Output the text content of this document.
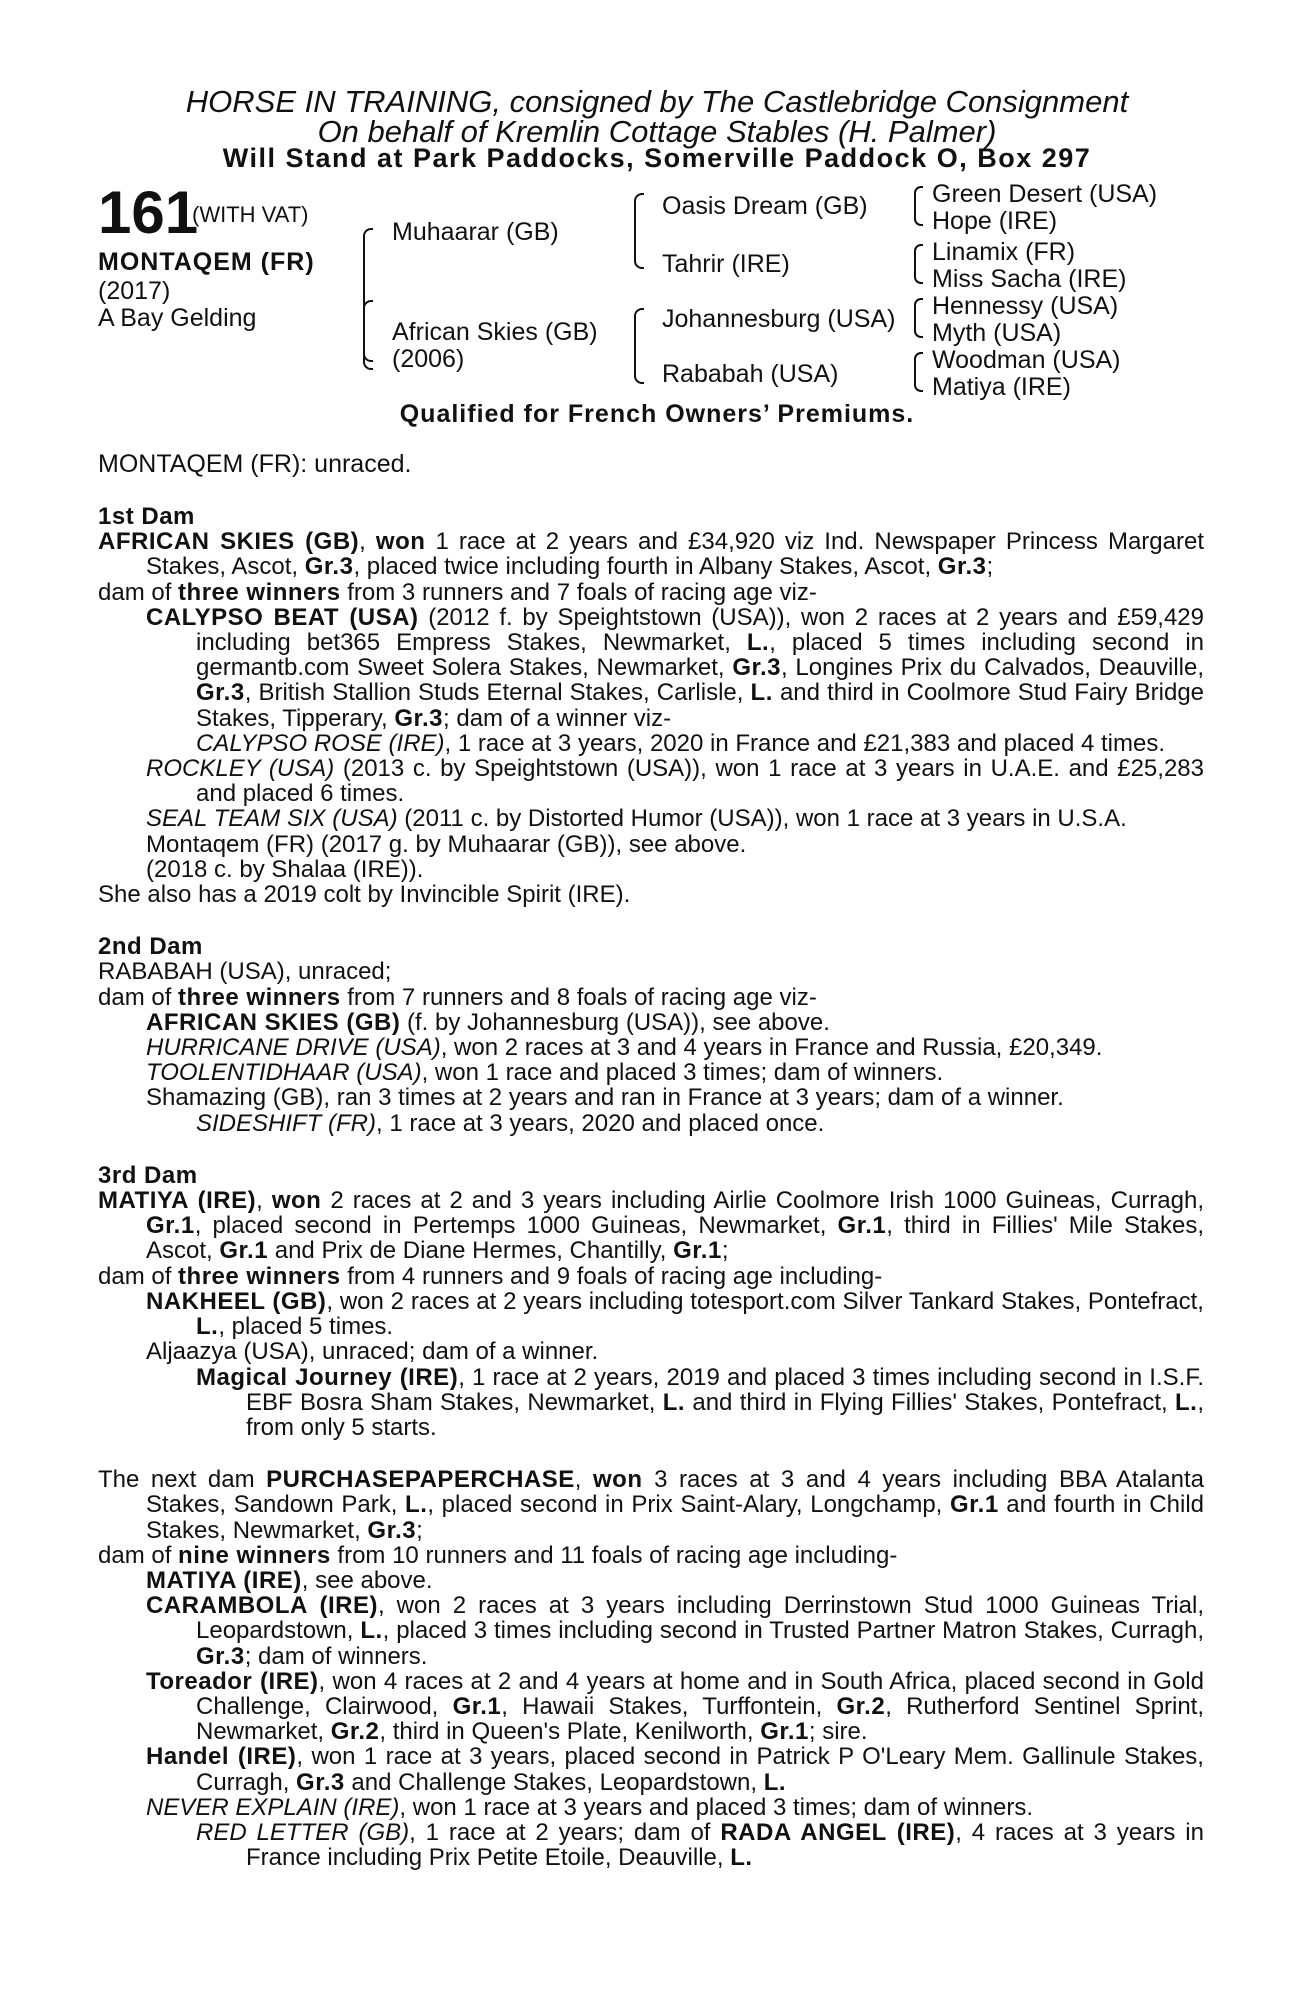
HORSE IN TRAINING, consigned by The Castlebridge Consignment
On behalf of Kremlin Cottage Stables (H. Palmer)
Will Stand at Park Paddocks, Somerville Paddock O, Box 297
161
(WITH VAT)
MONTAQEM (FR)
(2017)
A Bay Gelding
Muhaarar (GB)
African Skies (GB)
(2006)
Oasis Dream (GB)
Tahrir (IRE)
Johannesburg (USA)
Rababah (USA)
Green Desert (USA)
Hope (IRE)
Linamix (FR)
Miss Sacha (IRE)
Hennessy (USA)
Myth (USA)
Woodman (USA)
Matiya (IRE)
Qualified for French Owners’ Premiums.
MONTAQEM (FR): unraced.

1st Dam

AFRICAN SKIES (GB), won 1 race at 2 years and £34,920 viz Ind. Newspaper Princess Margaret Stakes, Ascot, Gr.3, placed twice including fourth in Albany Stakes, Ascot, Gr.3;

dam of three winners from 3 runners and 7 foals of racing age viz-

CALYPSO BEAT (USA) (2012 f. by Speightstown (USA)), won 2 races at 2 years and £59,429 including bet365 Empress Stakes, Newmarket, L., placed 5 times including second in germantb.com Sweet Solera Stakes, Newmarket, Gr.3, Longines Prix du Calvados, Deauville, Gr.3, British Stallion Studs Eternal Stakes, Carlisle, L. and third in Coolmore Stud Fairy Bridge Stakes, Tipperary, Gr.3; dam of a winner viz-

CALYPSO ROSE (IRE), 1 race at 3 years, 2020 in France and £21,383 and placed 4 times.

ROCKLEY (USA) (2013 c. by Speightstown (USA)), won 1 race at 3 years in U.A.E. and £25,283 and placed 6 times.

SEAL TEAM SIX (USA) (2011 c. by Distorted Humor (USA)), won 1 race at 3 years in U.S.A.

Montaqem (FR) (2017 g. by Muhaarar (GB)), see above.

(2018 c. by Shalaa (IRE)).

She also has a 2019 colt by Invincible Spirit (IRE).

2nd Dam

RABABAH (USA), unraced;

dam of three winners from 7 runners and 8 foals of racing age viz-

AFRICAN SKIES (GB) (f. by Johannesburg (USA)), see above.

HURRICANE DRIVE (USA), won 2 races at 3 and 4 years in France and Russia, £20,349.

TOOLENTIDHAAR (USA), won 1 race and placed 3 times; dam of winners.

Shamazing (GB), ran 3 times at 2 years and ran in France at 3 years; dam of a winner.

SIDESHIFT (FR), 1 race at 3 years, 2020 and placed once.

3rd Dam

MATIYA (IRE), won 2 races at 2 and 3 years including Airlie Coolmore Irish 1000 Guineas, Curragh, Gr.1, placed second in Pertemps 1000 Guineas, Newmarket, Gr.1, third in Fillies' Mile Stakes, Ascot, Gr.1 and Prix de Diane Hermes, Chantilly, Gr.1;

dam of three winners from 4 runners and 9 foals of racing age including-

NAKHEEL (GB), won 2 races at 2 years including totesport.com Silver Tankard Stakes, Pontefract, L., placed 5 times.

Aljaazya (USA), unraced; dam of a winner.

Magical Journey (IRE), 1 race at 2 years, 2019 and placed 3 times including second in I.S.F. EBF Bosra Sham Stakes, Newmarket, L. and third in Flying Fillies' Stakes, Pontefract, L., from only 5 starts.

The next dam PURCHASEPAPERCHASE, won 3 races at 3 and 4 years including BBA Atalanta Stakes, Sandown Park, L., placed second in Prix Saint-Alary, Longchamp, Gr.1 and fourth in Child Stakes, Newmarket, Gr.3;

dam of nine winners from 10 runners and 11 foals of racing age including-

MATIYA (IRE), see above.

CARAMBOLA (IRE), won 2 races at 3 years including Derrinstown Stud 1000 Guineas Trial, Leopardstown, L., placed 3 times including second in Trusted Partner Matron Stakes, Curragh, Gr.3; dam of winners.

Toreador (IRE), won 4 races at 2 and 4 years at home and in South Africa, placed second in Gold Challenge, Clairwood, Gr.1, Hawaii Stakes, Turffontein, Gr.2, Rutherford Sentinel Sprint, Newmarket, Gr.2, third in Queen's Plate, Kenilworth, Gr.1; sire.

Handel (IRE), won 1 race at 3 years, placed second in Patrick P O'Leary Mem. Gallinule Stakes, Curragh, Gr.3 and Challenge Stakes, Leopardstown, L.

NEVER EXPLAIN (IRE), won 1 race at 3 years and placed 3 times; dam of winners.

RED LETTER (GB), 1 race at 2 years; dam of RADA ANGEL (IRE), 4 races at 3 years in France including Prix Petite Etoile, Deauville, L.
